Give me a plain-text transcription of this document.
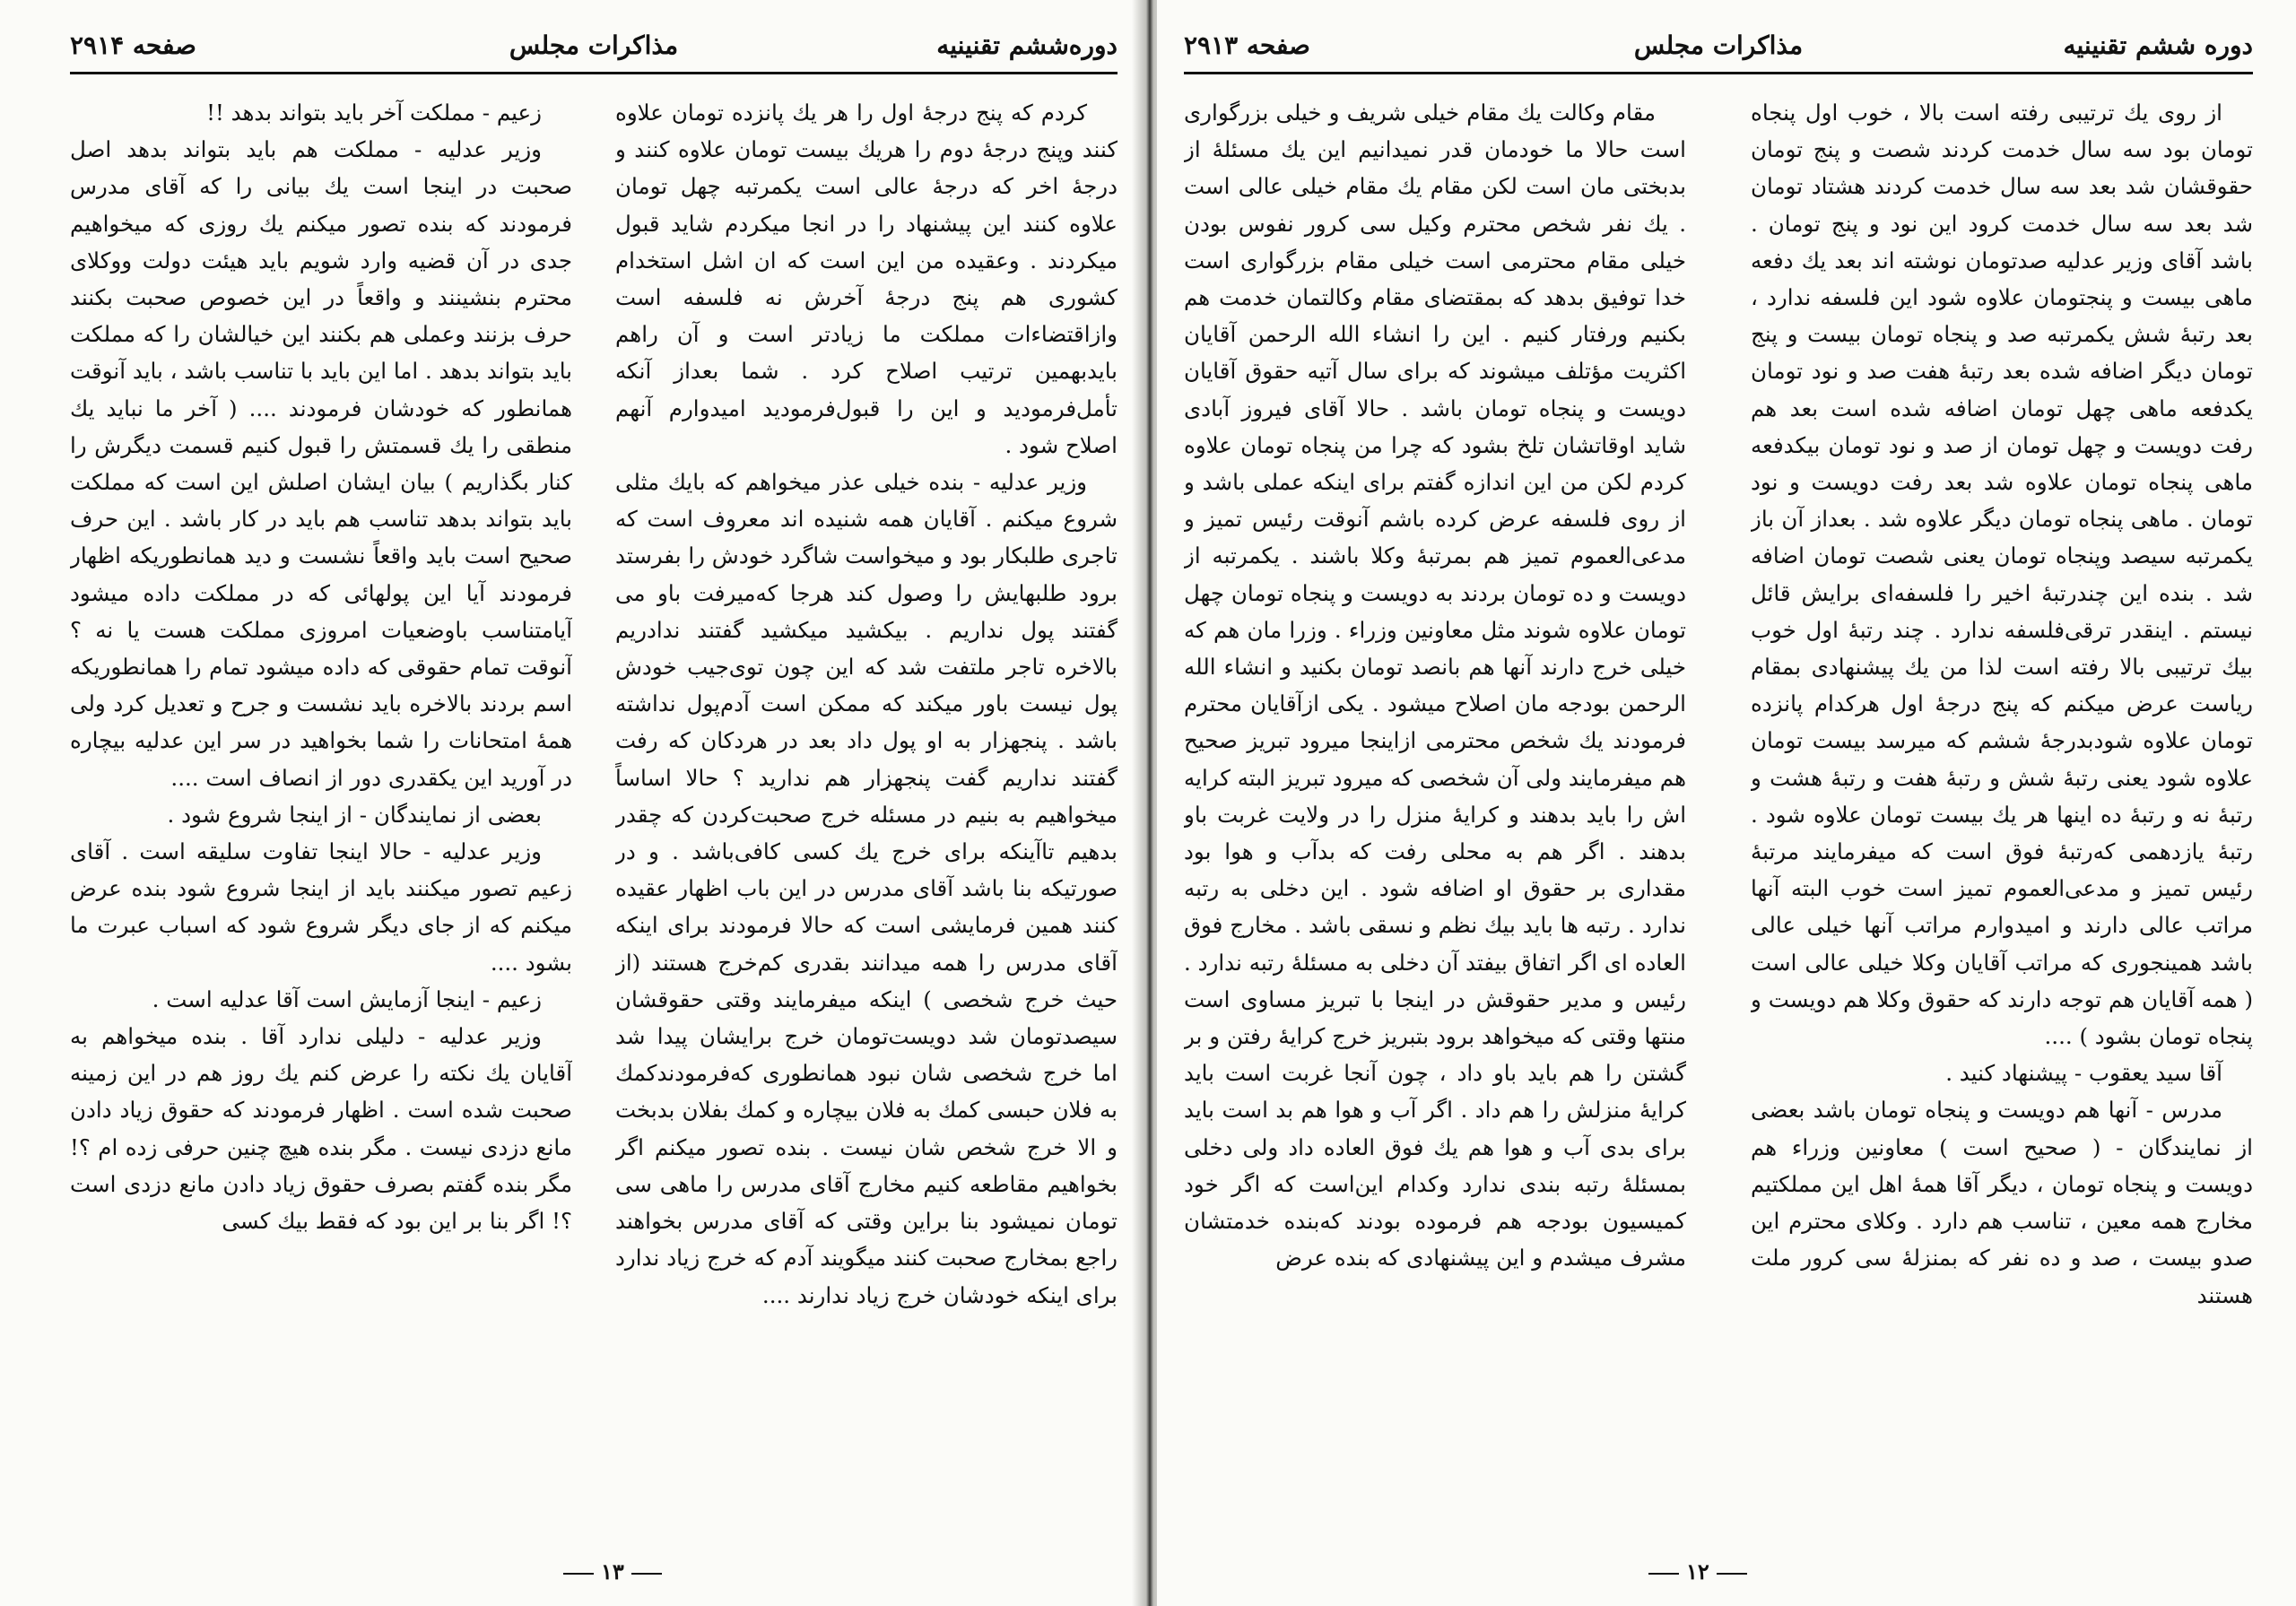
دوره‌ششم تقنینیه
مذاکرات مجلس
صفحه ۲۹۱۴

کردم که پنج درجهٔ اول را هر یك پانزده تومان علاوه کنند وپنج درجهٔ دوم را هریك بیست تومان علاوه کنند و درجهٔ اخر که درجهٔ عالی است یکمرتبه چهل تومان علاوه کنند این پیشنهاد را در انجا میکردم شاید قبول میکردند . وعقیده من این است که ان اشل استخدام کشوری هم پنج درجهٔ آخرش نه فلسفه است وازاقتضاءات مملکت ما زیادتر است و آن راهم باید‌بهمین ترتیب اصلاح کرد . شما بعداز آنکه تأمل‌فرمودید و این را قبول‌فرمودید امیدوارم آنهم اصلاح شود .

وزیر عدلیه - بنده خیلی عذر میخواهم که بایك مثلی شروع میکنم . آقایان همه شنیده اند معروف است که تاجری طلبکار بود و میخواست شاگرد خودش را بفرستد برود طلبهایش را وصول کند هرجا که‌میرفت باو می گفتند پول نداریم . بیکشید میکشید گفتند ندادریم بالاخره تاجر ملتفت شد که این چون توی‌جیب خودش پول نیست باور میکند که ممکن است آدم‌پول نداشته باشد . پنجهزار به او پول داد بعد در هردکان که رفت گفتند نداریم گفت پنجهزار هم ندارید ؟ حالا اساساً میخواهیم به بنیم در مسئله خرج صحبت‌کردن که چقدر بدهیم تاآینکه برای خرج یك کسی کافی‌باشد . و در صورتیکه بنا باشد آقای مدرس در این باب اظهار عقیده کنند همین فرمایشی است که حالا فرمودند برای اینکه آقای مدرس را همه میدانند بقدری کم‌خرج هستند (از حیث خرج شخصی ) اینکه میفرمایند وقتی حقوقشان سیصدتومان شد دویست‌تومان خرج برایشان پیدا شد اما خرج شخصی شان نبود همانطوری که‌فرمودند‌کمك به فلان حبسی کمك به فلان بیچاره و کمك بفلان بدبخت و الا خرج شخص شان نیست . بنده تصور میکنم اگر بخواهیم مقاطعه کنیم مخارج آقای مدرس را ماهی سی تومان نمیشود بنا براین وقتی که آقای مدرس بخواهند راجع بمخارج صحبت کنند میگویند آدم که خرج زیاد ندارد برای اینکه خودشان خرج زیاد ندارند ....

زعیم - مملکت آخر باید بتواند بدهد !!

وزیر عدلیه - مملکت هم باید بتواند بدهد اصل صحبت در اینجا است یك بیانی را که آقای مدرس فرمودند که بنده تصور میکنم یك روزی که میخواهیم جدی در آن قضیه وارد شویم باید هیئت دولت ووکلای محترم بنشینند و واقعاً در این خصوص صحبت بکنند حرف بزنند وعملی هم بکنند این خیالشان را که مملکت باید بتواند بدهد . اما این باید با تناسب باشد ، باید آنوقت همانطور که خودشان فرمودند .... ( آخر ما نباید یك منطقی را یك قسمتش را قبول کنیم قسمت دیگرش را کنار بگذاریم ) بیان ایشان اصلش این است که مملکت باید بتواند بدهد تناسب هم باید در کار باشد . این حرف صحیح است باید واقعاً نشست و دید همانطوریکه اظهار فرمودند آیا این پولهائی که در مملکت داده میشود آیامتناسب باوضعیات امروزی مملکت هست یا نه ؟ آنوقت تمام حقوقی که داده میشود تمام را همانطوریکه اسم بردند بالاخره باید نشست و جرح و تعدیل کرد ولی همهٔ امتحانات را شما بخواهید در سر این عدلیه بیچاره در آورید این یکقدری دور از انصاف است ....

بعضی از نمایندگان - از اینجا شروع شود .

وزیر عدلیه - حالا اینجا تفاوت سلیقه است . آقای زعیم تصور میکنند باید از اینجا شروع شود بنده عرض میکنم که از جای دیگر شروع شود که اسباب عبرت ما بشود ....

زعیم - اینجا آزمایش است آقا عدلیه است .

وزیر عدلیه - دلیلی ندارد آقا . بنده میخواهم به آقایان یك نکته را عرض کنم یك روز هم در این زمینه صحبت شده است . اظهار فرمودند که حقوق زیاد دادن مانع دزدی نیست . مگر بنده هیچ چنین حرفی زده ام ؟! مگر بنده گفتم بصرف حقوق زیاد دادن مانع دزدی است ؟! اگر بنا بر این بود که فقط بیك کسی

۱۳
دوره ششم تقنینیه
مذاکرات مجلس
صفحه ۲۹۱۳

از روی یك ترتیبی رفته است بالا ، خوب اول پنجاه تومان بود سه سال خدمت کردند شصت و پنج تومان حقوقشان شد بعد سه سال خدمت کردند هشتاد تومان شد بعد سه سال خدمت کرود این نود و پنج تومان . باشد آقای وزیر عدلیه صدتومان نوشته اند بعد یك دفعه ماهی بیست و پنجتومان علاوه شود این فلسفه ندارد ، بعد رتبهٔ شش یکمرتبه صد و پنجاه تومان بیست و پنج تومان دیگر اضافه شده بعد رتبهٔ هفت صد و نود تومان یکدفعه ماهی چهل تومان اضافه شده است بعد هم رفت دویست و چهل تومان از صد و نود تومان بیکدفعه ماهی پنجاه تومان علاوه شد بعد رفت دویست و نود تومان . ماهی پنجاه تومان دیگر علاوه شد . بعداز آن باز یکمرتبه سیصد وپنجاه تومان یعنی شصت تومان اضافه شد . بنده این چندرتبهٔ اخیر را فلسفه‌ای برایش قائل نیستم . اینقدر ترقی‌فلسفه ندارد . چند رتبهٔ اول خوب بیك ترتیبی بالا رفته است لذا من یك پیشنهادی بمقام ریاست عرض میکنم که پنج درجهٔ اول هرکدام پانزده تومان علاوه شودبدرجهٔ ششم که میرسد بیست تومان علاوه شود یعنی رتبهٔ شش و رتبهٔ هفت و رتبهٔ هشت و رتبهٔ نه و رتبهٔ ده اینها هر یك بیست تومان علاوه شود . رتبهٔ یازدهمی که‌رتبهٔ فوق است که میفرمایند مرتبهٔ رئیس تمیز و مدعی‌العموم تمیز است خوب البته آنها مراتب عالی دارند و امیدوارم مراتب آنها خیلی عالی باشد همینجوری که مراتب آقایان وکلا خیلی عالی است ( همه آقایان هم توجه دارند که حقوق وکلا هم دویست و پنجاه تومان بشود ) ....

آقا سید یعقوب - پیشنهاد کنید .

مدرس - آنها هم دویست و پنجاه تومان باشد بعضی از نمایندگان - ( صحیح است ) معاونین وزراء هم دویست و پنجاه تومان ، دیگر آقا همهٔ اهل این مملکتیم مخارج همه معین ، تناسب هم دارد . وکلای محترم این صدو بیست ، صد و ده نفر که بمنزلهٔ سی کرور ملت هستند

مقام وکالت یك مقام خیلی شریف و خیلی بزرگواری است حالا ما خودمان قدر نمیدانیم این یك مسئلهٔ از بدبختی مان است لکن مقام یك مقام خیلی عالی است . یك نفر شخص محترم وکیل سی کرور نفوس بودن خیلی مقام محترمی است خیلی مقام بزرگواری است خدا توفیق بدهد که بمقتضای مقام وکالتمان خدمت هم بکنیم ورفتار کنیم . این را انشاء الله الرحمن آقایان اکثریت مؤتلف میشوند که برای سال آتیه حقوق آقایان دویست و پنجاه تومان باشد . حالا آقای فیروز آبادی شاید اوقاتشان تلخ بشود که چرا من پنجاه تومان علاوه کردم لکن من این اندازه گفتم برای اینکه عملی باشد و از روی فلسفه عرض کرده باشم آنوقت رئیس تمیز و مدعی‌العموم تمیز هم بمرتبهٔ وکلا باشند . یکمرتبه از دویست و ده تومان بردند به دویست و پنجاه تومان چهل تومان علاوه شوند مثل معاونین وزراء . وزرا مان هم که خیلی خرج دارند آنها هم بانصد تومان بکنید و انشاء الله الرحمن بودجه مان اصلاح میشود . یکی ازآقایان محترم فرمودند یك شخص محترمی ازاینجا میرود تبریز صحیح هم میفرمایند ولی آن شخصی که میرود تبریز البته کرایه اش را باید بدهند و کرایهٔ منزل را در ولایت غربت باو بدهند . اگر هم به محلی رفت که بدآب و هوا بود مقداری بر حقوق او اضافه شود . این دخلی به رتبه ندارد . رتبه ها باید بیك نظم و نسقی باشد . مخارج فوق العاده ای اگر اتفاق بیفتد آن دخلی به مسئلهٔ رتبه ندارد . رئیس و مدیر حقوقش در اینجا با تبریز مساوی است منتها وقتی که میخواهد برود بتبریز خرج کرایهٔ رفتن و بر گشتن را هم باید باو داد ، چون آنجا غربت است باید کرایهٔ منزلش را هم داد . اگر آب و هوا هم بد است باید برای بدی آب و هوا هم یك فوق العاده داد ولی دخلی بمسئلهٔ رتبه بندی ندارد وکدام این‌است که اگر خود کمیسیون بودجه هم فرموده بودند که‌بنده خدمتشان مشرف میشدم و این پیشنهادی که بنده عرض

۱۲
